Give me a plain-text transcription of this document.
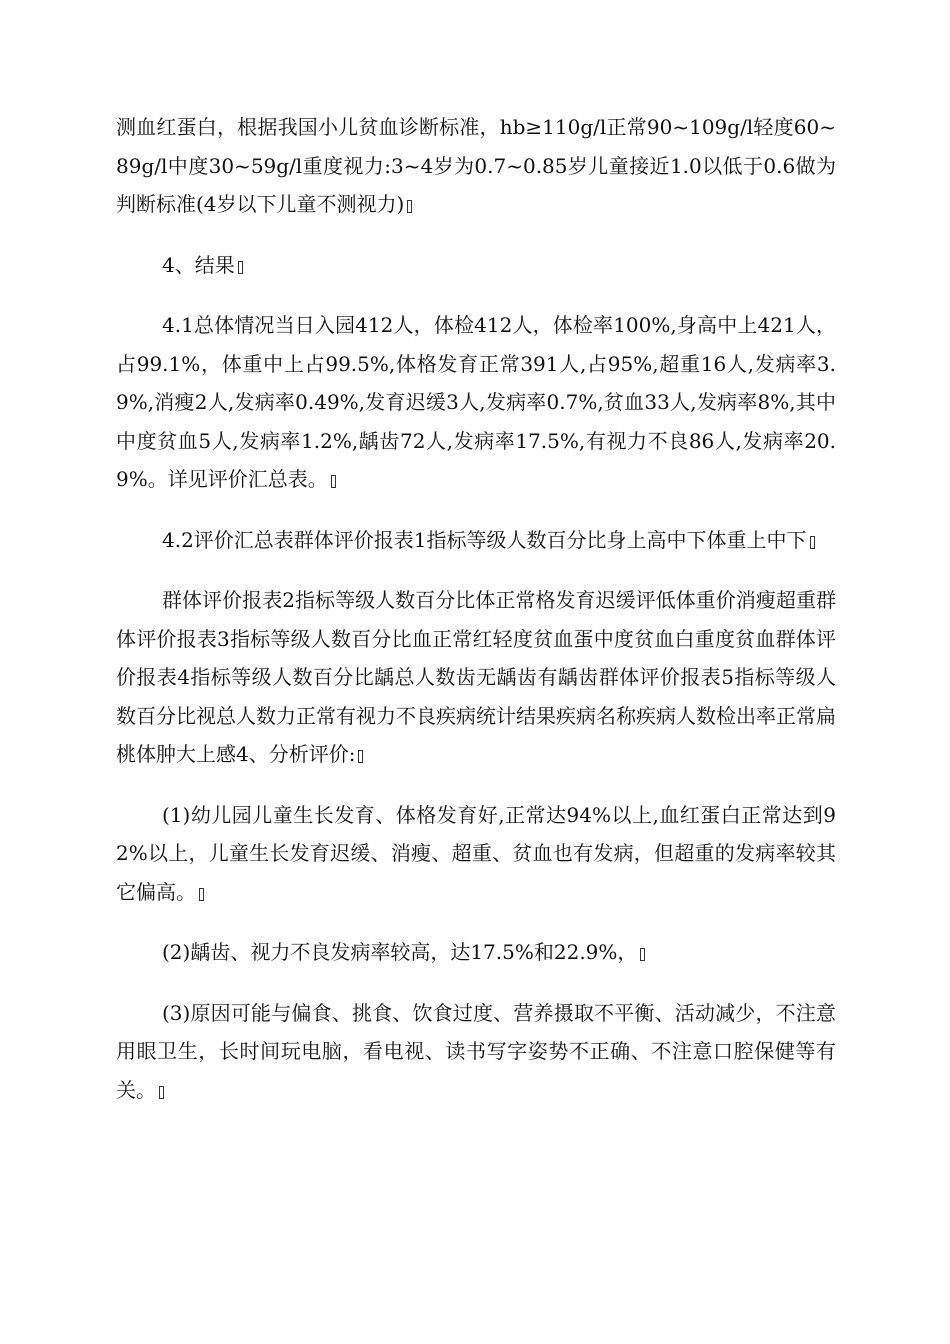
测血红蛋白，根据我国小儿贫血诊断标准，hb≥110g/l正常90~109g/l轻度60~89g/l中度30~59g/l重度视力:3~4岁为0.7~0.85岁儿童接近1.0以低于0.6做为判断标准(4岁以下儿童不测视力)

4、结果

4.1总体情况当日入园412人，体检412人，体检率100%,身高中上421人，占99.1%，体重中上占99.5%,体格发育正常391人,占95%,超重16人,发病率3.9%,消瘦2人,发病率0.49%,发育迟缓3人,发病率0.7%,贫血33人,发病率8%,其中中度贫血5人,发病率1.2%,龋齿72人,发病率17.5%,有视力不良86人,发病率20.9%。详见评价汇总表。

4.2评价汇总表群体评价报表1指标等级人数百分比身上高中下体重上中下

群体评价报表2指标等级人数百分比体正常格发育迟缓评低体重价消瘦超重群体评价报表3指标等级人数百分比血正常红轻度贫血蛋中度贫血白重度贫血群体评价报表4指标等级人数百分比龋总人数齿无龋齿有龋齿群体评价报表5指标等级人数百分比视总人数力正常有视力不良疾病统计结果疾病名称疾病人数检出率正常扁桃体肿大上感4、分析评价:

(1)幼儿园儿童生长发育、体格发育好,正常达94%以上,血红蛋白正常达到92%以上，儿童生长发育迟缓、消瘦、超重、贫血也有发病，但超重的发病率较其它偏高。

(2)龋齿、视力不良发病率较高，达17.5%和22.9%，

(3)原因可能与偏食、挑食、饮食过度、营养摄取不平衡、活动减少，不注意用眼卫生，长时间玩电脑，看电视、读书写字姿势不正确、不注意口腔保健等有关。
